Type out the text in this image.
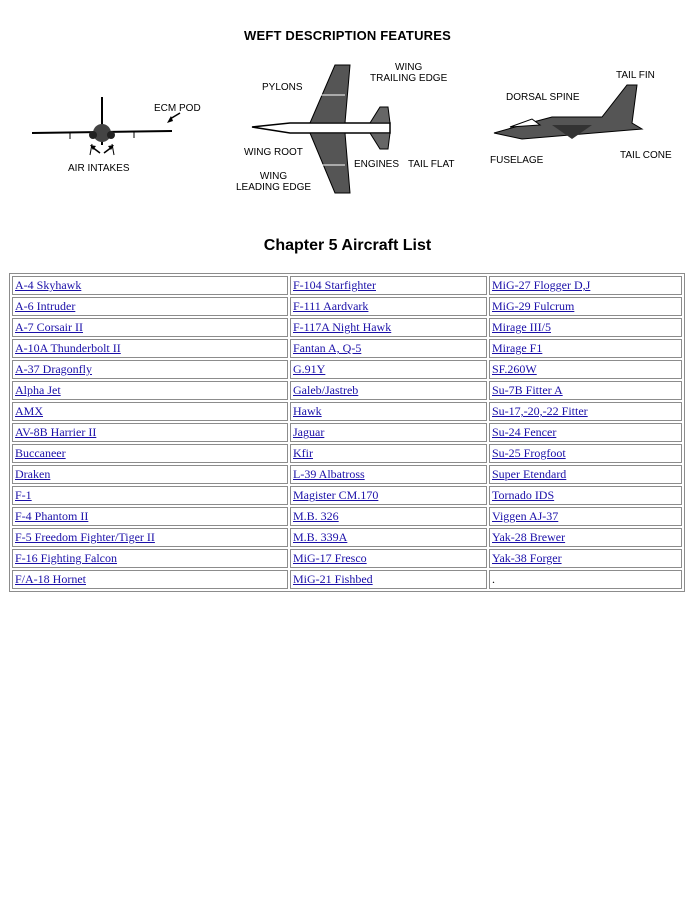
WEFT DESCRIPTION FEATURES
ECM POD
AIR INTAKES
PYLONS
WING
TRAILING EDGE
WING ROOT
WING
LEADING EDGE
ENGINES TAIL FLAT
TAIL FIN
DORSAL SPINE
FUSELAGE	TAIL CONE
Chapter 5 Aircraft List
A-4 Skyhawk	F-104 Starfighter	MiG-27 Flogger D,J
A-6 Intruder	F-111 Aardvark	MiG-29 Fulcrum
A-7 Corsair II	F-117A Night Hawk	Mirage III/5
A-10A Thunderbolt II	Fantan A, Q-5	Mirage F1
A-37 Dragonfly	G.91Y	SF.260W
Alpha Jet	Galeb/Jastreb	Su-7B Fitter A
AMX	Hawk	Su-17,-20,-22 Fitter
AV-8B Harrier II	Jaguar	Su-24 Fencer
Buccaneer	Kfir	Su-25 Frogfoot
Draken	L-39 Albatross	Super Etendard
F-1	Magister CM.170	Tornado IDS
F-4 Phantom II	M.B. 326	Viggen AJ-37
F-5 Freedom Fighter/Tiger II	M.B. 339A	Yak-28 Brewer
F-16 Fighting Falcon	MiG-17 Fresco	Yak-38 Forger
F/A-18 Hornet	MiG-21 Fishbed	.
